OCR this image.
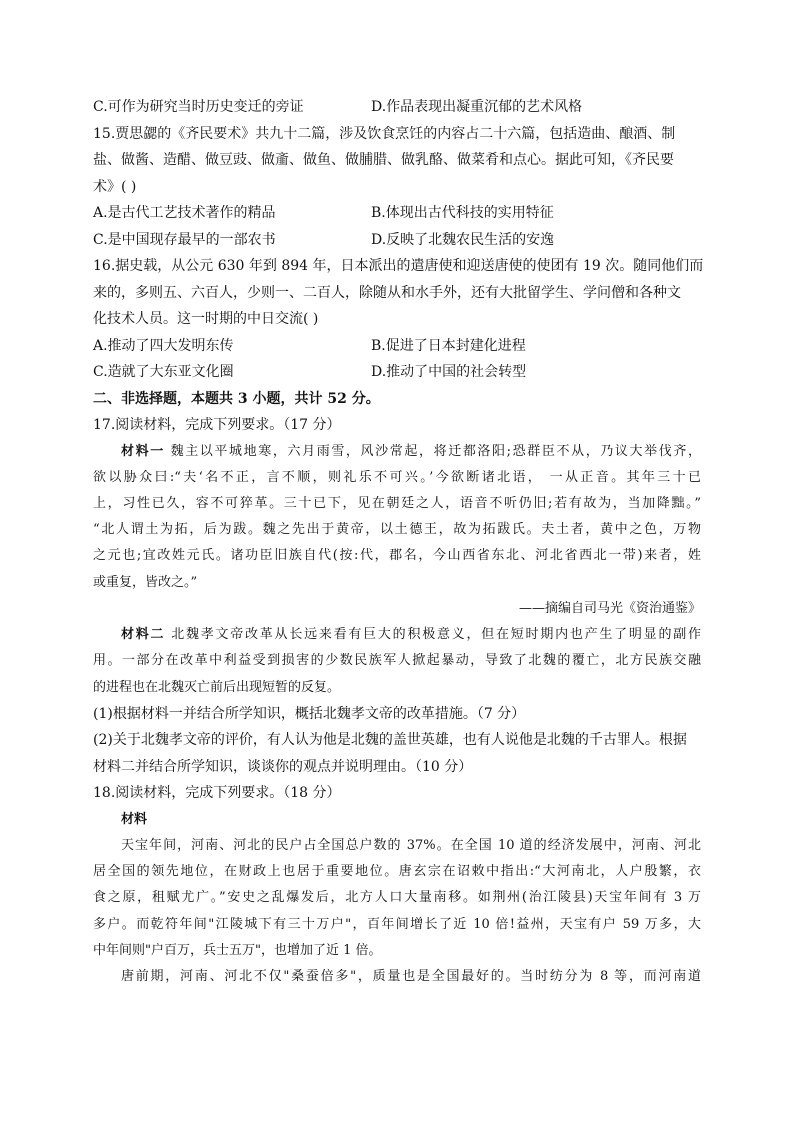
C.可作为研究当时历史变迁的旁证	D.作品表现出凝重沉郁的艺术风格
15.贾思勰的《齐民要术》共九十二篇，涉及饮食烹饪的内容占二十六篇，包括造曲、酿酒、制
盐、做酱、造醋、做豆豉、做齑、做鱼、做脯腊、做乳酪、做菜肴和点心。据此可知，《齐民要
术》( )
A.是古代工艺技术著作的精品	B.体现出古代科技的实用特征
C.是中国现存最早的一部农书	D.反映了北魏农民生活的安逸
16.据史载，从公元 630 年到 894 年，日本派出的遣唐使和迎送唐使的使团有 19 次。随同他们而
来的，多则五、六百人，少则一、二百人，除随从和水手外，还有大批留学生、学问僧和各种文
化技术人员。这一时期的中日交流( )
A.推动了四大发明东传	B.促进了日本封建化进程
C.造就了大东亚文化圈	D.推动了中国的社会转型
二、非选择题，本题共 3 小题，共计 52 分。
17.阅读材料，完成下列要求。（17 分）
材料一 魏主以平城地寒，六月雨雪，风沙常起，将迁都洛阳;恐群臣不从，乃议大举伐齐，
欲以胁众曰:“夫‘名不正，言不顺，则礼乐不可兴。’今欲断诸北语， 一从正音。其年三十已
上，习性已久，容不可猝革。三十已下，见在朝廷之人，语音不听仍旧;若有故为，当加降黜。”
“北人谓土为拓，后为跋。魏之先出于黄帝，以土德王，故为拓跋氏。夫土者，黄中之色，万物
之元也;宜改姓元氏。诸功臣旧族自代(按:代，郡名，今山西省东北、河北省西北一带)来者，姓
或重复，皆改之。”
——摘编自司马光《资治通鉴》
材料二 北魏孝文帝改革从长远来看有巨大的积极意义，但在短时期内也产生了明显的副作
用。一部分在改革中利益受到损害的少数民族军人掀起暴动，导致了北魏的覆亡，北方民族交融
的进程也在北魏灭亡前后出现短暂的反复。
(1)根据材料一并结合所学知识，概括北魏孝文帝的改革措施。（7 分）
(2)关于北魏孝文帝的评价，有人认为他是北魏的盖世英雄，也有人说他是北魏的千古罪人。根据
材料二并结合所学知识，谈谈你的观点并说明理由。（10 分）
18.阅读材料，完成下列要求。（18 分）
材料
天宝年间，河南、河北的民户占全国总户数的 37%。在全国 10 道的经济发展中，河南、河北
居全国的领先地位，在财政上也居于重要地位。唐玄宗在诏敕中指出:“大河南北，人户殷繁，衣
食之原，租赋尤广。”安史之乱爆发后，北方人口大量南移。如荆州(治江陵县)天宝年间有 3 万
多户。而乾符年间"江陵城下有三十万户"，百年间增长了近 10 倍!益州，天宝有户 59 万多，大
中年间则"户百万，兵士五万"，也增加了近 1 倍。
唐前期，河南、河北不仅"桑蚕倍多"，质量也是全国最好的。当时纺分为 8 等，而河南道
